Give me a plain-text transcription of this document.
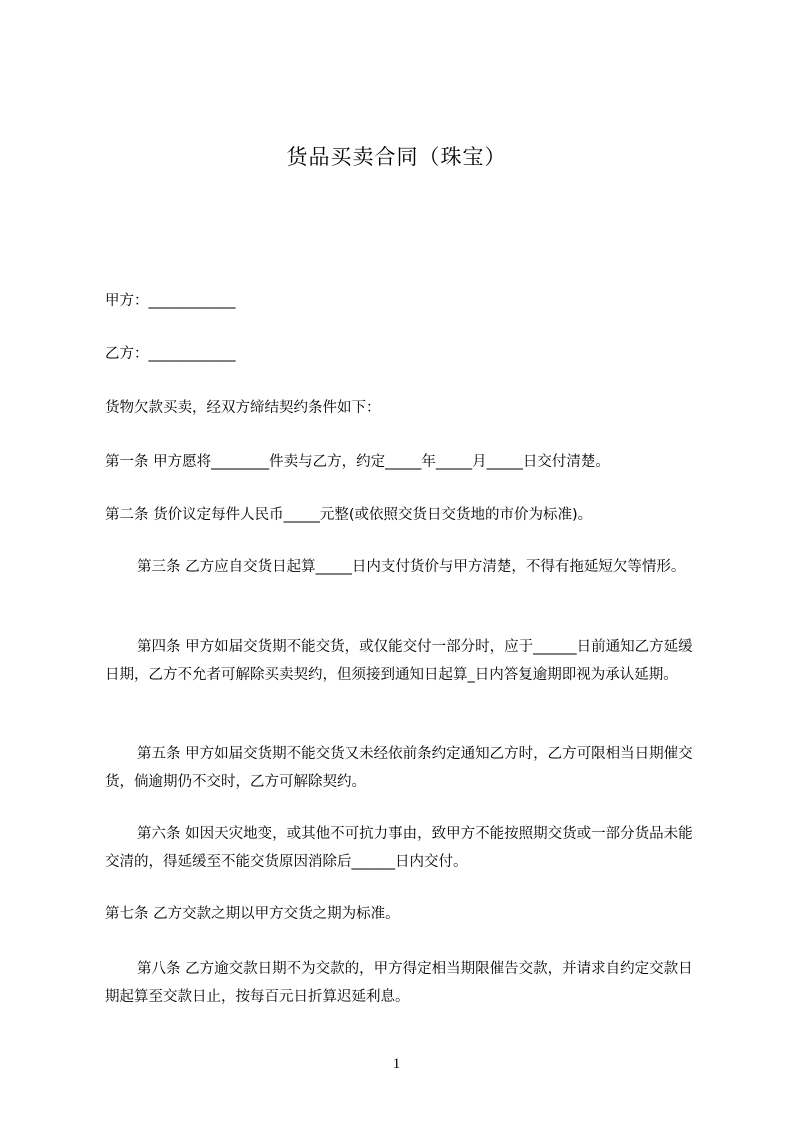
货品买卖合同（珠宝）

甲方：____________

乙方：____________

货物欠款买卖，经双方缔结契约条件如下：

第一条 甲方愿将________件卖与乙方，约定_____年_____月_____日交付清楚。

第二条 货价议定每件人民币_____元整(或依照交货日交货地的市价为标准)。

第三条 乙方应自交货日起算_____日内支付货价与甲方清楚，不得有拖延短欠等情形。

第四条 甲方如届交货期不能交货，或仅能交付一部分时，应于______日前通知乙方延缓日期，乙方不允者可解除买卖契约，但须接到通知日起算_日内答复逾期即视为承认延期。

第五条 甲方如届交货期不能交货又未经依前条约定通知乙方时，乙方可限相当日期催交货，倘逾期仍不交时，乙方可解除契约。

第六条 如因天灾地变，或其他不可抗力事由，致甲方不能按照期交货或一部分货品未能交清的，得延缓至不能交货原因消除后______日内交付。

第七条 乙方交款之期以甲方交货之期为标准。

第八条 乙方逾交款日期不为交款的，甲方得定相当期限催告交款，并请求自约定交款日期起算至交款日止，按每百元日折算迟延利息。

1
